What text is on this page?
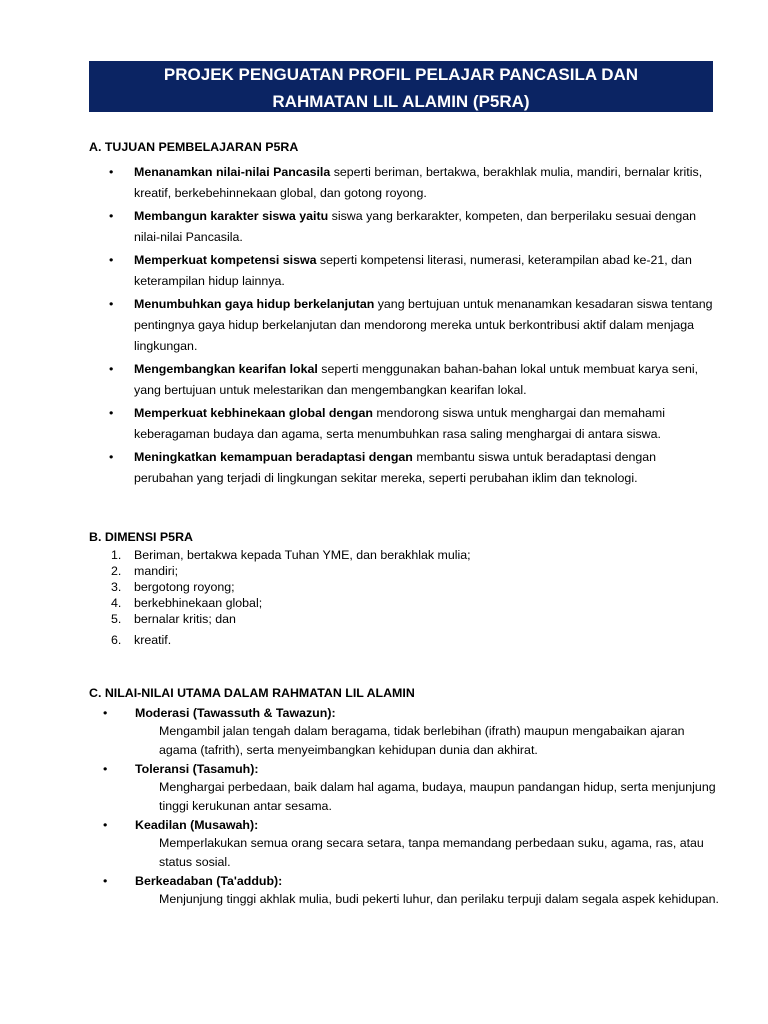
PROJEK PENGUATAN PROFIL PELAJAR PANCASILA DAN
RAHMATAN LIL ALAMIN (P5RA)
A. TUJUAN PEMBELAJARAN P5RA
• Menanamkan nilai-nilai Pancasila seperti beriman, bertakwa, berakhlak mulia, mandiri, bernalar kritis, kreatif, berkebehinnekaan global, dan gotong royong.
• Membangun karakter siswa yaitu siswa yang berkarakter, kompeten, dan berperilaku sesuai dengan nilai-nilai Pancasila.
• Memperkuat kompetensi siswa seperti kompetensi literasi, numerasi, keterampilan abad ke-21, dan keterampilan hidup lainnya.
• Menumbuhkan gaya hidup berkelanjutan yang bertujuan untuk menanamkan kesadaran siswa tentang pentingnya gaya hidup berkelanjutan dan mendorong mereka untuk berkontribusi aktif dalam menjaga lingkungan.
• Mengembangkan kearifan lokal seperti menggunakan bahan-bahan lokal untuk membuat karya seni, yang bertujuan untuk melestarikan dan mengembangkan kearifan lokal.
• Memperkuat kebhinekaan global dengan mendorong siswa untuk menghargai dan memahami keberagaman budaya dan agama, serta menumbuhkan rasa saling menghargai di antara siswa.
• Meningkatkan kemampuan beradaptasi dengan membantu siswa untuk beradaptasi dengan perubahan yang terjadi di lingkungan sekitar mereka, seperti perubahan iklim dan teknologi.
B. DIMENSI P5RA
1. Beriman, bertakwa kepada Tuhan YME, dan berakhlak mulia;
2. mandiri;
3. bergotong royong;
4. berkebhinekaan global;
5. bernalar kritis; dan
6. kreatif.
C. NILAI-NILAI UTAMA DALAM RAHMATAN LIL ALAMIN
• Moderasi (Tawassuth & Tawazun):
Mengambil jalan tengah dalam beragama, tidak berlebihan (ifrath) maupun mengabaikan ajaran agama (tafrith), serta menyeimbangkan kehidupan dunia dan akhirat.
• Toleransi (Tasamuh):
Menghargai perbedaan, baik dalam hal agama, budaya, maupun pandangan hidup, serta menjunjung tinggi kerukunan antar sesama.
• Keadilan (Musawah):
Memperlakukan semua orang secara setara, tanpa memandang perbedaan suku, agama, ras, atau status sosial.
• Berkeadaban (Ta'addub):
Menjunjung tinggi akhlak mulia, budi pekerti luhur, dan perilaku terpuji dalam segala aspek kehidupan.
